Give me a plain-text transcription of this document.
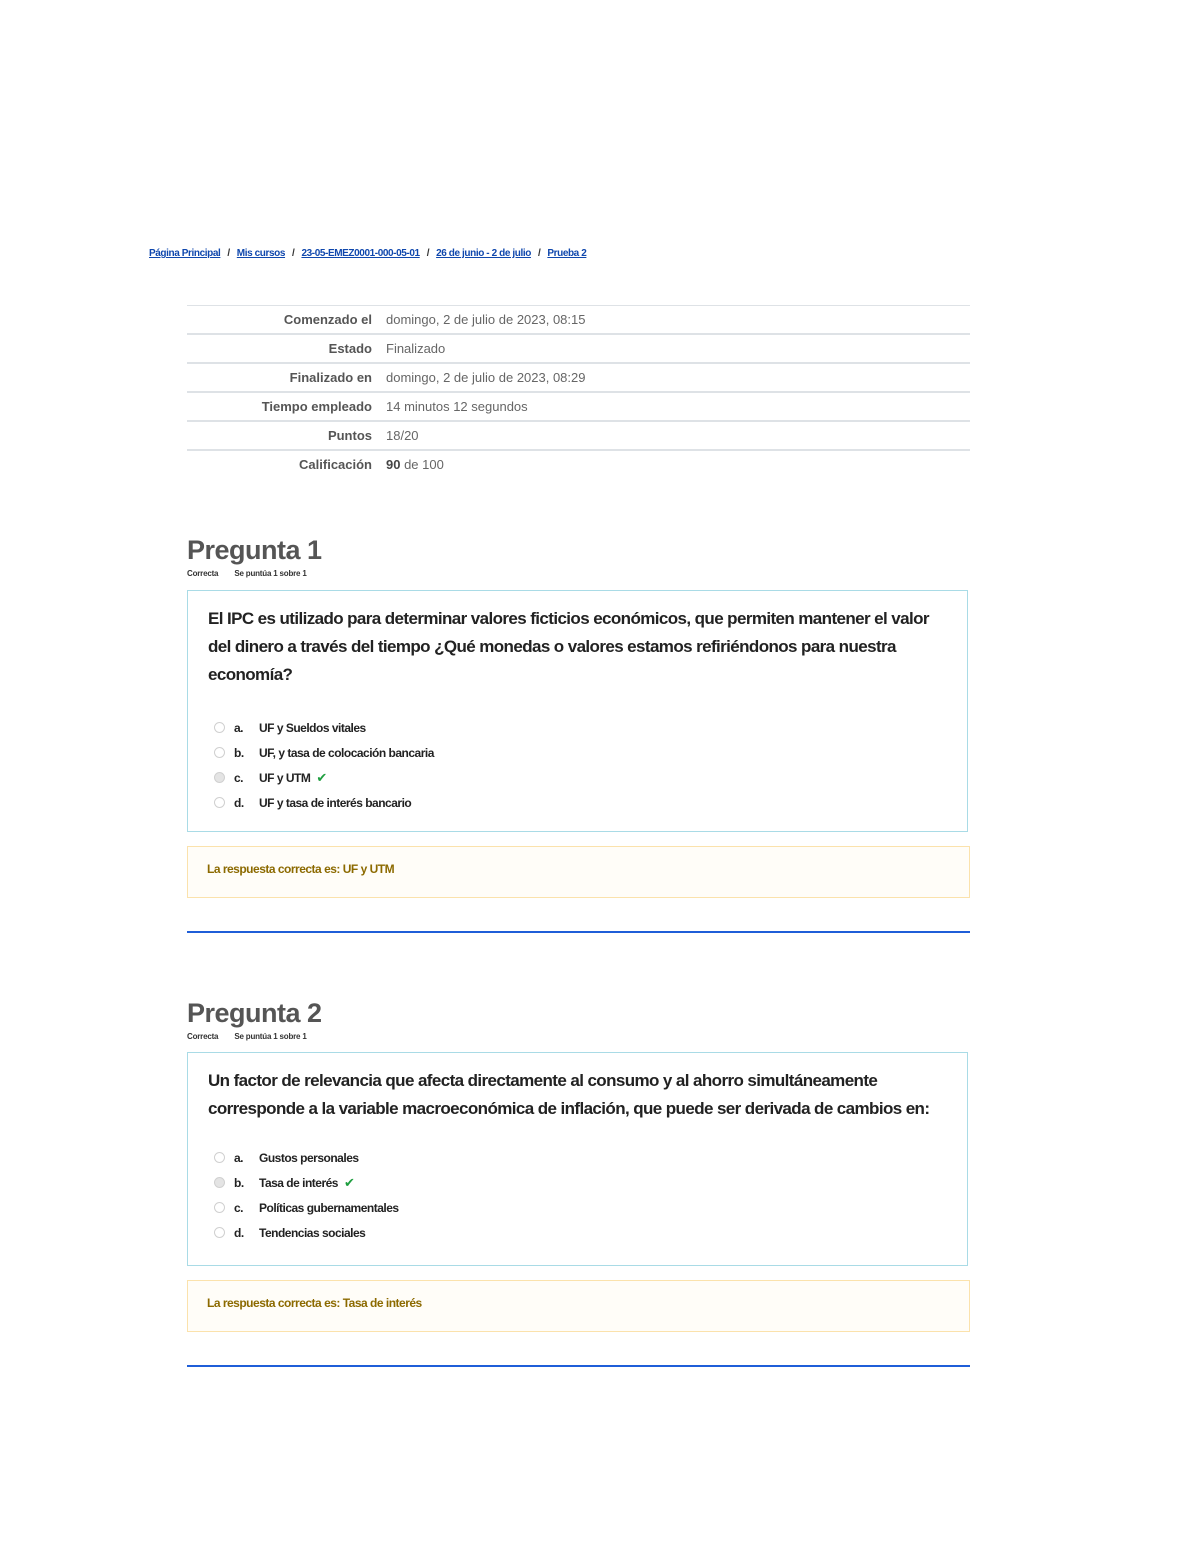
Página Principal / Mis cursos / 23-05-EMEZ0001-000-05-01 / 26 de junio - 2 de julio / Prueba 2
Comenzado el	domingo, 2 de julio de 2023, 08:15
Estado	Finalizado
Finalizado en	domingo, 2 de julio de 2023, 08:29
Tiempo empleado	14 minutos 12 segundos
Puntos	18/20
Calificación	90 de 100
Pregunta 1
Correcta Se puntúa 1 sobre 1
El IPC es utilizado para determinar valores ficticios económicos, que permiten mantener el valor del dinero a través del tiempo ¿Qué monedas o valores estamos refiriéndonos para nuestra economía?
a.	UF y Sueldos vitales
b.	UF, y tasa de colocación bancaria
c.	UF y UTM ✔
d.	UF y tasa de interés bancario
La respuesta correcta es: UF y UTM
Pregunta 2
Correcta Se puntúa 1 sobre 1
Un factor de relevancia que afecta directamente al consumo y al ahorro simultáneamente corresponde a la variable macroeconómica de inflación, que puede ser derivada de cambios en:
a.	Gustos personales
b.	Tasa de interés ✔
c.	Políticas gubernamentales
d.	Tendencias sociales
La respuesta correcta es: Tasa de interés
